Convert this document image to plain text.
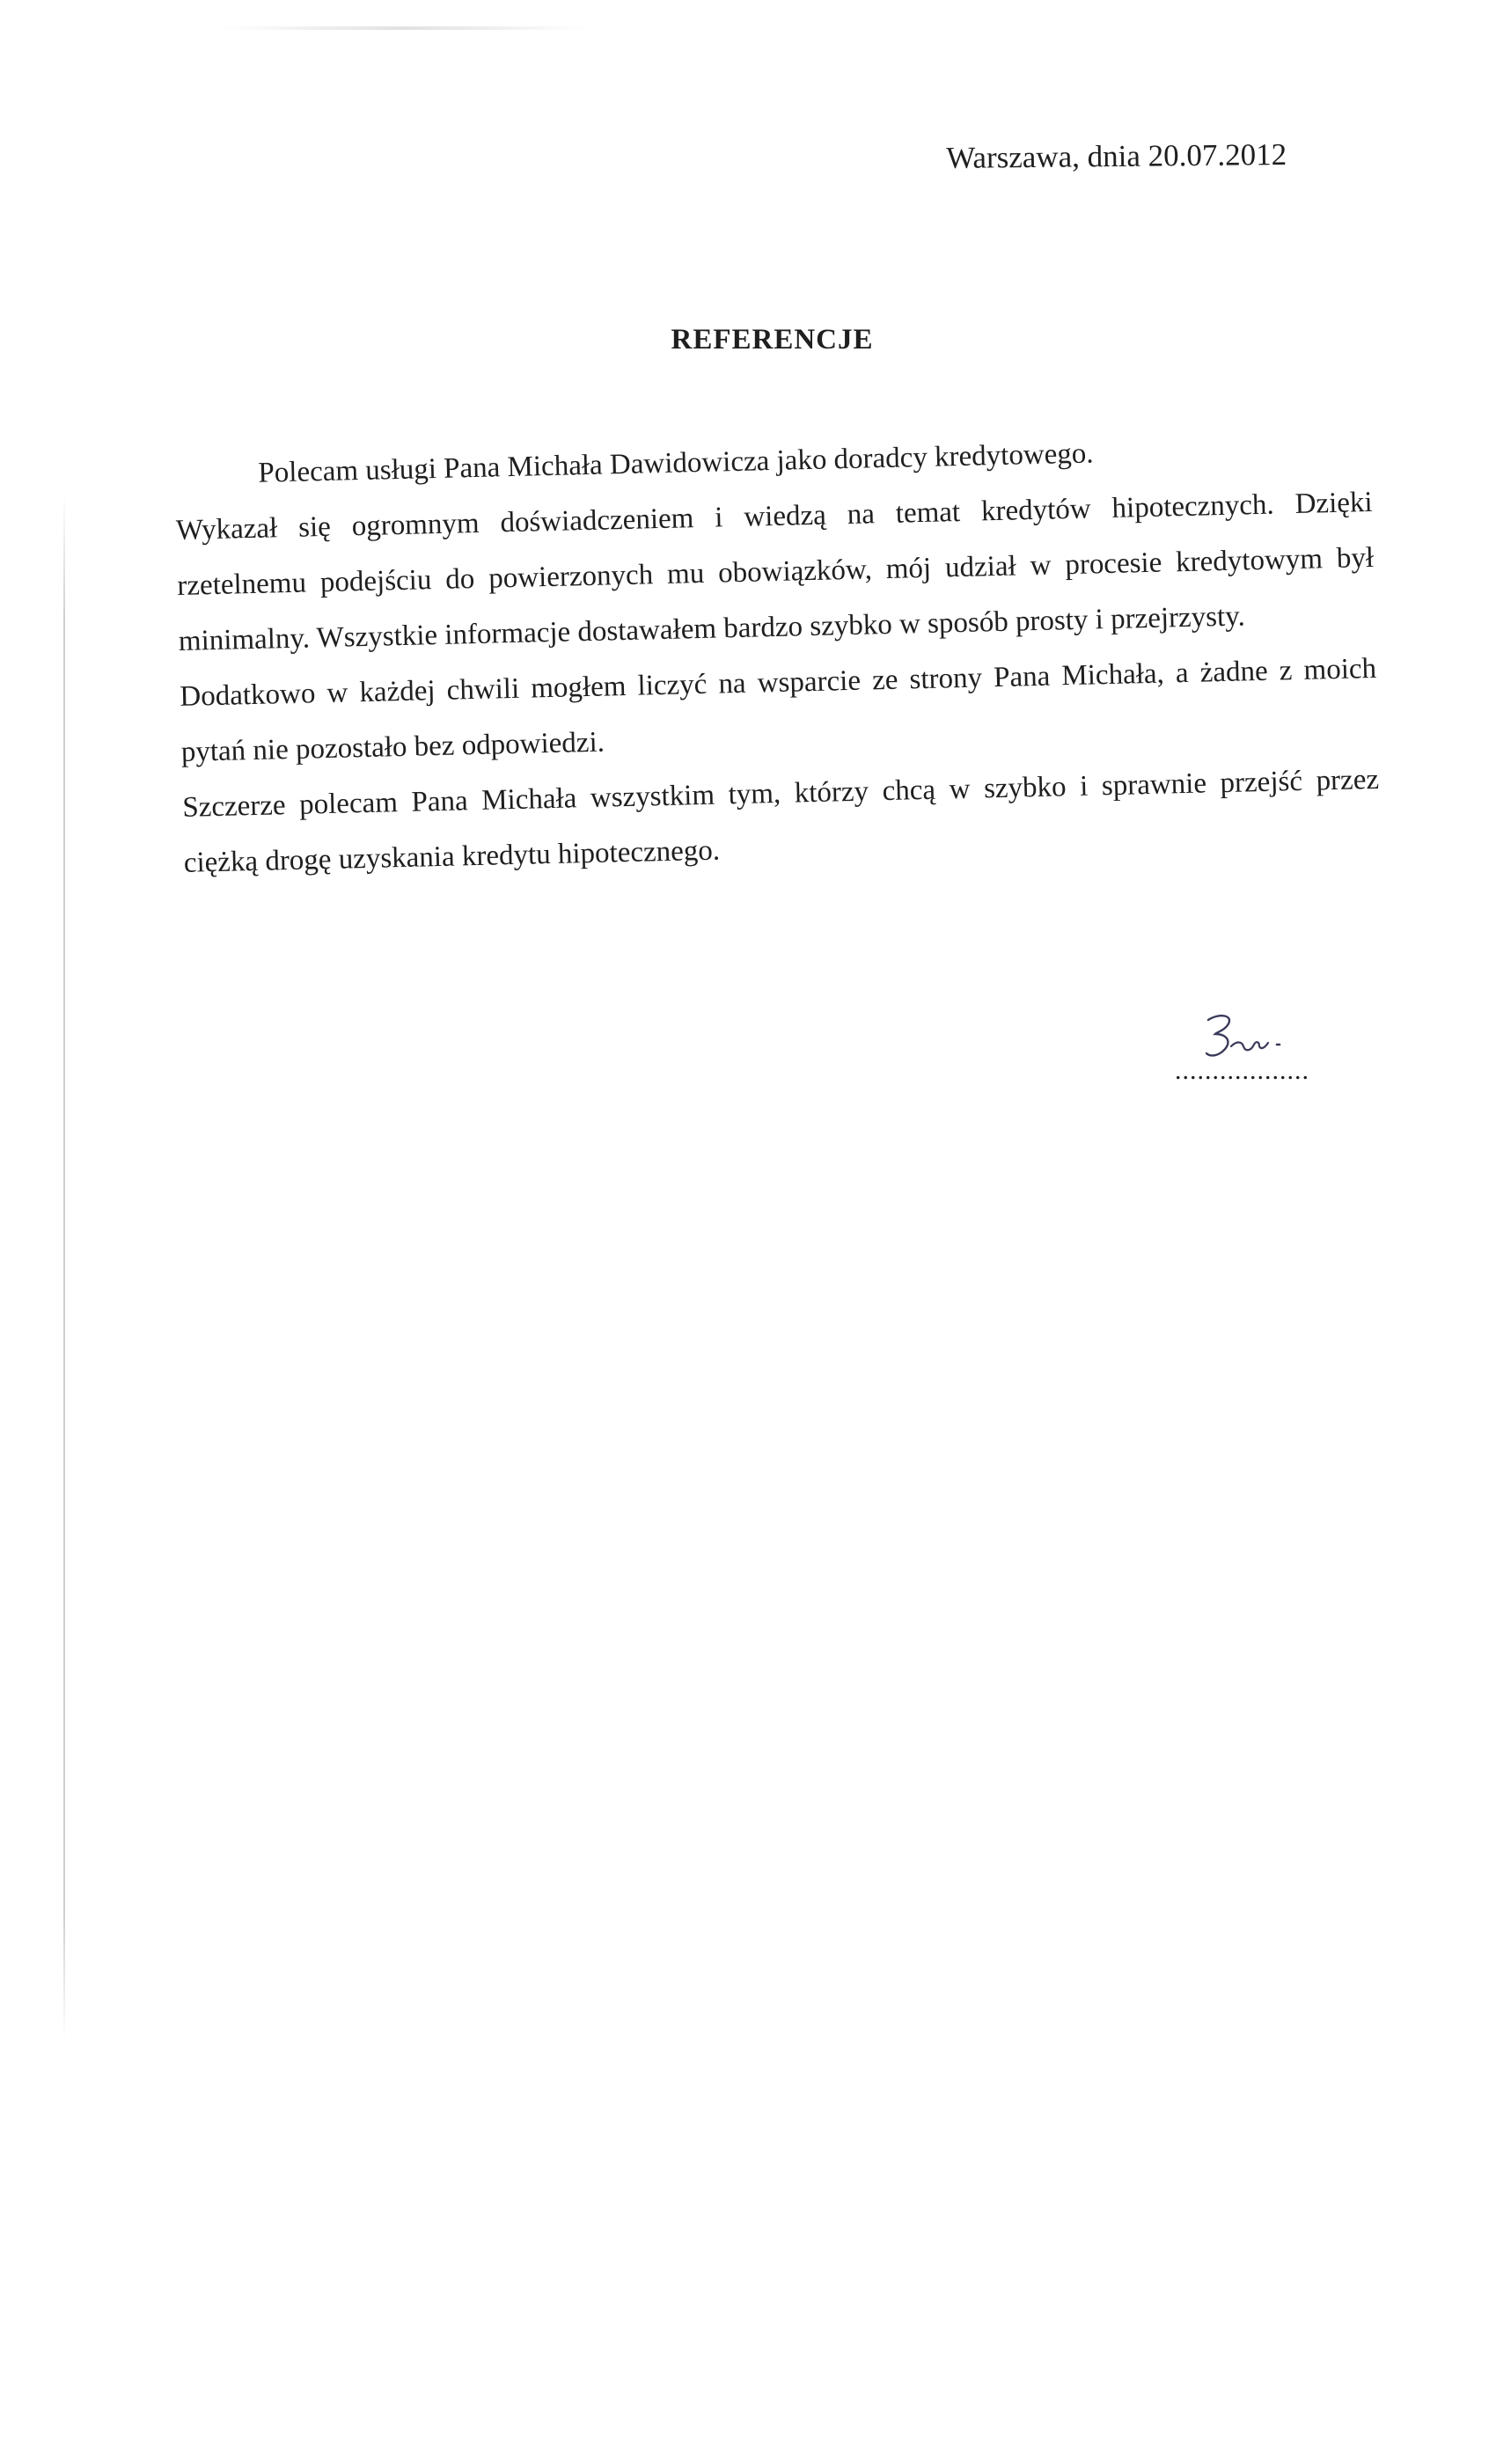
Warszawa, dnia 20.07.2012
REFERENCJE
Polecam usługi Pana Michała Dawidowicza jako doradcy kredytowego.
Wykazał się ogromnym doświadczeniem i wiedzą na temat kredytów hipotecznych. Dzięki
rzetelnemu podejściu do powierzonych mu obowiązków, mój udział w procesie kredytowym był
minimalny. Wszystkie informacje dostawałem bardzo szybko w sposób prosty i przejrzysty.
Dodatkowo w każdej chwili mogłem liczyć na wsparcie ze strony Pana Michała, a żadne z moich
pytań nie pozostało bez odpowiedzi.
Szczerze polecam Pana Michała wszystkim tym, którzy chcą w szybko i sprawnie przejść przez
ciężką drogę uzyskania kredytu hipotecznego.
..................
